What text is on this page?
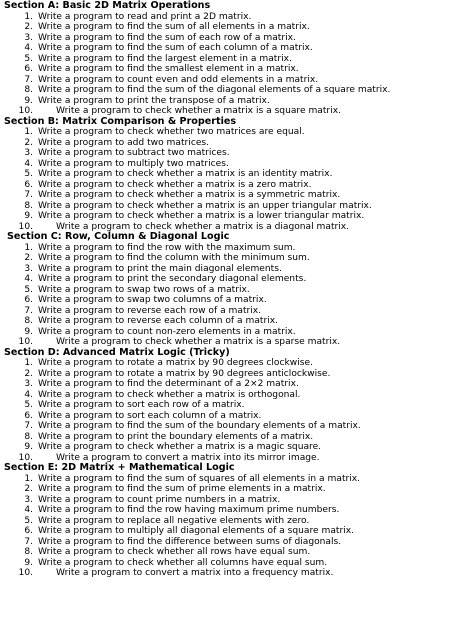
Section A: Basic 2D Matrix Operations
1. Write a program to read and print a 2D matrix.
2. Write a program to find the sum of all elements in a matrix.
3. Write a program to find the sum of each row of a matrix.
4. Write a program to find the sum of each column of a matrix.
5. Write a program to find the largest element in a matrix.
6. Write a program to find the smallest element in a matrix.
7. Write a program to count even and odd elements in a matrix.
8. Write a program to find the sum of the diagonal elements of a square matrix.
9. Write a program to print the transpose of a matrix.
10.	Write a program to check whether a matrix is a square matrix.
Section B: Matrix Comparison & Properties
1. Write a program to check whether two matrices are equal.
2. Write a program to add two matrices.
3. Write a program to subtract two matrices.
4. Write a program to multiply two matrices.
5. Write a program to check whether a matrix is an identity matrix.
6. Write a program to check whether a matrix is a zero matrix.
7. Write a program to check whether a matrix is a symmetric matrix.
8. Write a program to check whether a matrix is an upper triangular matrix.
9. Write a program to check whether a matrix is a lower triangular matrix.
10.	Write a program to check whether a matrix is a diagonal matrix.
Section C: Row, Column & Diagonal Logic
1. Write a program to find the row with the maximum sum.
2. Write a program to find the column with the minimum sum.
3. Write a program to print the main diagonal elements.
4. Write a program to print the secondary diagonal elements.
5. Write a program to swap two rows of a matrix.
6. Write a program to swap two columns of a matrix.
7. Write a program to reverse each row of a matrix.
8. Write a program to reverse each column of a matrix.
9. Write a program to count non-zero elements in a matrix.
10.	Write a program to check whether a matrix is a sparse matrix.
Section D: Advanced Matrix Logic (Tricky)
1. Write a program to rotate a matrix by 90 degrees clockwise.
2. Write a program to rotate a matrix by 90 degrees anticlockwise.
3. Write a program to find the determinant of a 2×2 matrix.
4. Write a program to check whether a matrix is orthogonal.
5. Write a program to sort each row of a matrix.
6. Write a program to sort each column of a matrix.
7. Write a program to find the sum of the boundary elements of a matrix.
8. Write a program to print the boundary elements of a matrix.
9. Write a program to check whether a matrix is a magic square.
10.	Write a program to convert a matrix into its mirror image.
Section E: 2D Matrix + Mathematical Logic
1. Write a program to find the sum of squares of all elements in a matrix.
2. Write a program to find the sum of prime elements in a matrix.
3. Write a program to count prime numbers in a matrix.
4. Write a program to find the row having maximum prime numbers.
5. Write a program to replace all negative elements with zero.
6. Write a program to multiply all diagonal elements of a square matrix.
7. Write a program to find the difference between sums of diagonals.
8. Write a program to check whether all rows have equal sum.
9. Write a program to check whether all columns have equal sum.
10.	Write a program to convert a matrix into a frequency matrix.
